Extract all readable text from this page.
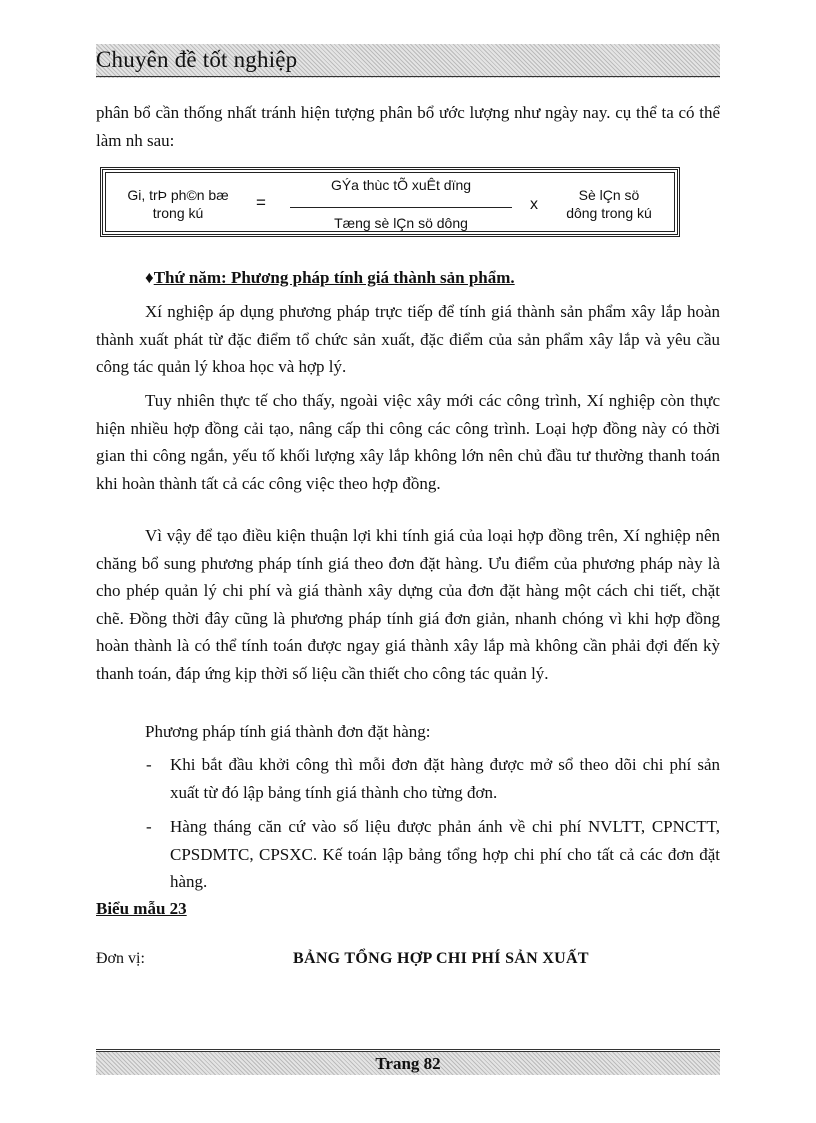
Chuyên đề tốt nghiệp

phân bổ cần thống nhất tránh hiện tượng phân bổ ước lượng như ngày nay. cụ thể ta có thể làm nh sau:

Gi, trÞ ph©n bæ
trong kú
=
GÝa thùc tÕ xuÊt dïng
Tæng sè lÇn sö dông
x
Sè lÇn sö
dông trong kú
♦Thứ năm: Phương pháp tính giá thành sản phẩm.

Xí nghiệp áp dụng phương pháp trực tiếp để tính giá thành sản phẩm xây lắp hoàn thành xuất phát từ đặc điểm tổ chức sản xuất, đặc điểm của sản phẩm xây lắp và yêu cầu công tác quản lý khoa học và hợp lý.

Tuy nhiên thực tế cho thấy, ngoài việc xây mới các công trình, Xí nghiệp còn thực hiện nhiều hợp đồng cải tạo, nâng cấp thi công các công trình. Loại hợp đồng này có thời gian thi công ngắn, yếu tố khối lượng xây lắp không lớn nên chủ đầu tư thường thanh toán khi hoàn thành tất cả các công việc theo hợp đồng.

Vì vậy để tạo điều kiện thuận lợi khi tính giá của loại hợp đồng trên, Xí nghiệp nên chăng bổ sung phương pháp tính giá theo đơn đặt hàng. Ưu điểm của phương pháp này là cho phép quản lý chi phí và giá thành xây dựng của đơn đặt hàng một cách chi tiết, chặt chẽ. Đồng thời đây cũng là phương pháp tính giá đơn giản, nhanh chóng vì khi hợp đồng hoàn thành là có thể tính toán được ngay giá thành xây lắp mà không cần phải đợi đến kỳ thanh toán, đáp ứng kịp thời số liệu cần thiết cho công tác quản lý.

Phương pháp tính giá thành đơn đặt hàng:

- Khi bắt đầu khởi công thì mỗi đơn đặt hàng được mở sổ theo dõi chi phí sản xuất từ đó lập bảng tính giá thành cho từng đơn.
- Hàng tháng căn cứ vào số liệu được phản ánh về chi phí NVLTT, CPNCTT, CPSDMTC, CPSXC. Kế toán lập bảng tổng hợp chi phí cho tất cả các đơn đặt hàng.
Biểu mẫu 23
Đơn vị:	BẢNG TỔNG HỢP CHI PHÍ SẢN XUẤT
Trang 82
